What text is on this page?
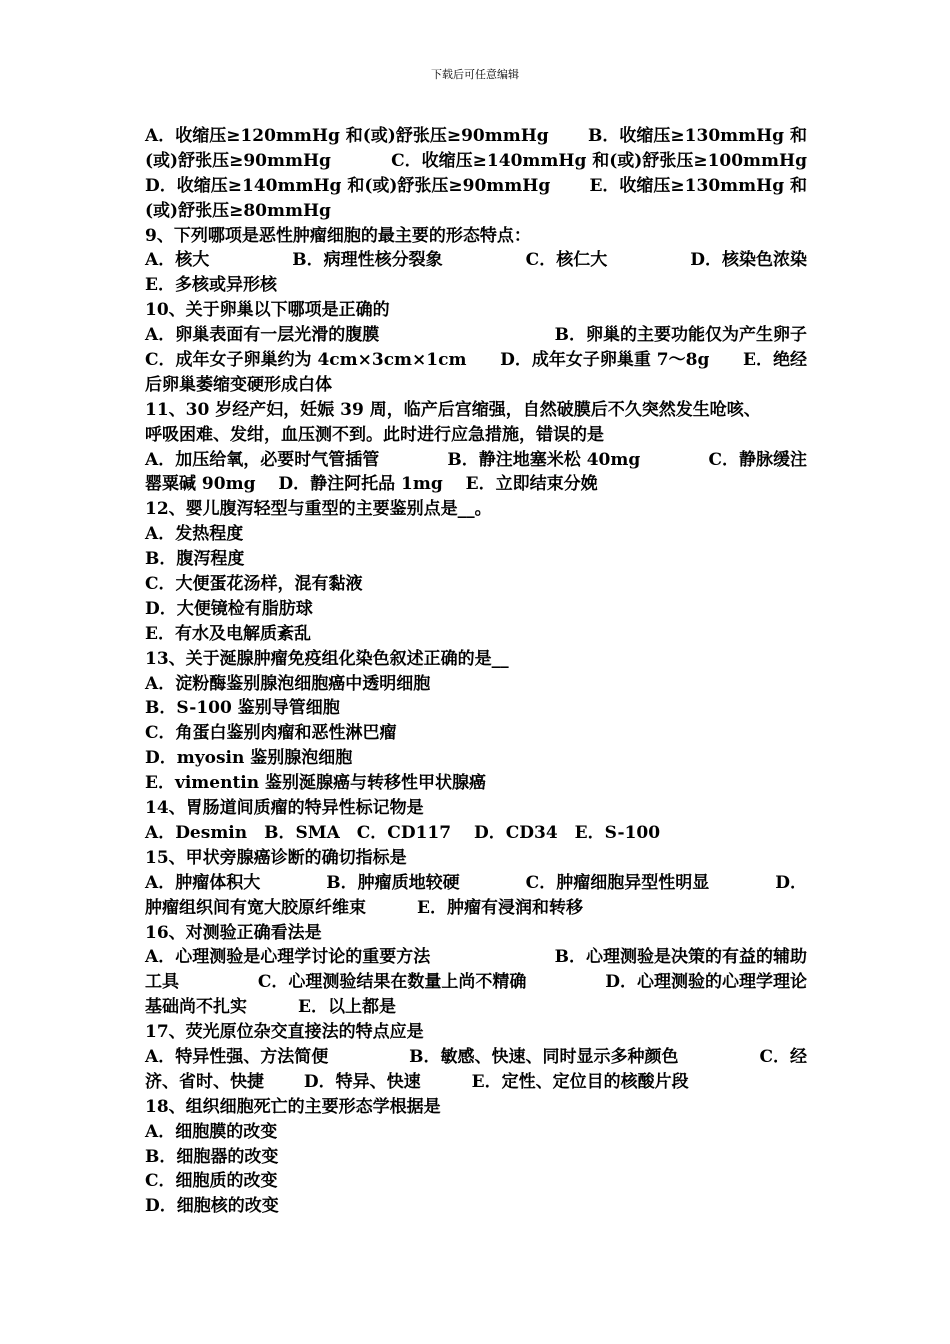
下载后可任意编辑
A．收缩压≥120mmHg 和(或)舒张压≥90mmHg B．收缩压≥130mmHg 和
(或)舒张压≥90mmHg	C．收缩压≥140mmHg 和(或)舒张压≥100mmHg
D．收缩压≥140mmHg 和(或)舒张压≥90mmHg E．收缩压≥130mmHg 和
(或)舒张压≥80mmHg
9、下列哪项是恶性肿瘤细胞的最主要的形态特点：
A．核大	B．病理性核分裂象	C．核仁大	D．核染色浓染
E．多核或异形核
10、关于卵巢以下哪项是正确的
A．卵巢表面有一层光滑的腹膜	B．卵巢的主要功能仅为产生卵子
C．成年女子卵巢约为 4cm×3cm×1cm D．成年女子卵巢重 7～8g E．绝经
后卵巢萎缩变硬形成白体
11、30 岁经产妇，妊娠 39 周，临产后宫缩强，自然破膜后不久突然发生呛咳、
呼吸困难、发绀，血压测不到。此时进行应急措施，错误的是
A．加压给氧，必要时气管插管	B．静注地塞米松 40mg	C．静脉缓注
罂粟碱 90mg　 D．静注阿托品 1mg　 E．立即结束分娩
12、婴儿腹泻轻型与重型的主要鉴别点是__。
A．发热程度
B．腹泻程度
C．大便蛋花汤样，混有黏液
D．大便镜检有脂肪球
E．有水及电解质紊乱
13、关于涎腺肿瘤免疫组化染色叙述正确的是__
A．淀粉酶鉴别腺泡细胞癌中透明细胞
B．S-100 鉴别导管细胞
C．角蛋白鉴别肉瘤和恶性淋巴瘤
D．myosin 鉴别腺泡细胞
E．vimentin 鉴别涎腺癌与转移性甲状腺癌
14、胃肠道间质瘤的特异性标记物是
A．Desmin　B．SMA　C．CD117　 D．CD34　E．S-100
15、甲状旁腺癌诊断的确切指标是
A．肿瘤体积大	B．肿瘤质地较硬	C．肿瘤细胞异型性明显	D．
肿瘤组织间有宽大胶原纤维束　　　E．肿瘤有浸润和转移
16、对测验正确看法是
A．心理测验是心理学讨论的重要方法	B．心理测验是决策的有益的辅助
工具	C．心理测验结果在数量上尚不精确	D．心理测验的心理学理论
基础尚不扎实　　　E．以上都是
17、荧光原位杂交直接法的特点应是
A．特异性强、方法简便	B．敏感、快速、同时显示多种颜色	C．经
济、省时、快捷　　 D．特异、快速　　　E．定性、定位目的核酸片段
18、组织细胞死亡的主要形态学根据是
A．细胞膜的改变
B．细胞器的改变
C．细胞质的改变
D．细胞核的改变
